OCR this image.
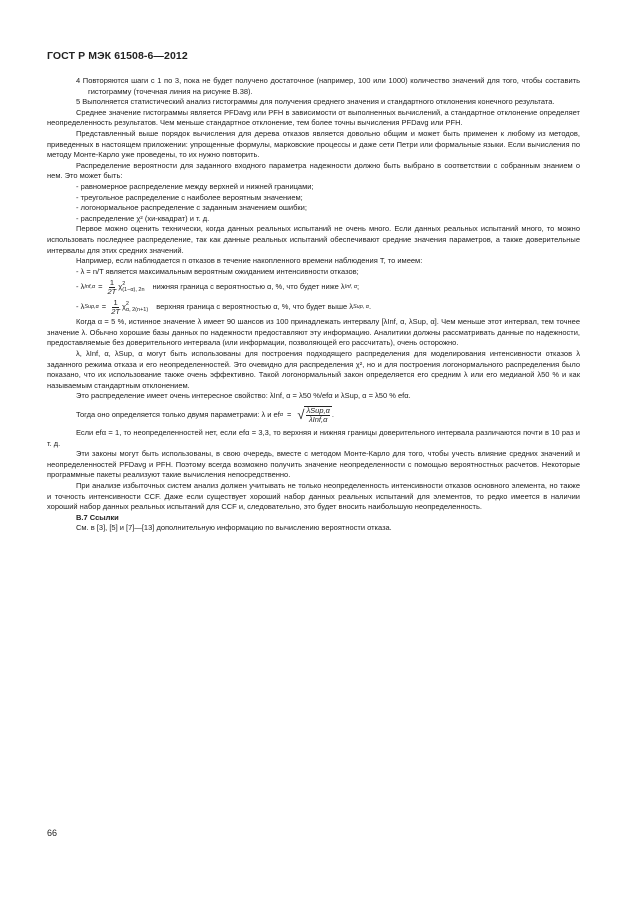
ГОСТ Р МЭК 61508-6—2012

4 Повторяются шаги с 1 по 3, пока не будет получено достаточное (например, 100 или 1000) количество значений для того, чтобы составить гистограмму (точечная линия на рисунке В.38).

5 Выполняется статистический анализ гистограммы для получения среднего значения и стандартного отклонения конечного результата.

Среднее значение гистограммы является PFDavg или PFH в зависимости от выполненных вычислений, а стандартное отклонение определяет неопределенность результатов. Чем меньше стандартное отклонение, тем более точны вычисления PFDavg или PFH.

Представленный выше порядок вычисления для дерева отказов является довольно общим и может быть применен к любому из методов, приведенных в настоящем приложении: упрощенные формулы, марковские процессы и даже сети Петри или формальные языки. Если вычисления по методу Монте-Карло уже проведены, то их нужно повторить.

Распределение вероятности для заданного входного параметра надежности должно быть выбрано в соответствии с собранным знанием о нем. Это может быть:

- равномерное распределение между верхней и нижней границами;

- треугольное распределение с наиболее вероятным значением;

- логонормальное распределение с заданным значением ошибки;

- распределение χ² (хи-квадрат) и т. д.

Первое можно оценить технически, когда данных реальных испытаний не очень много. Если данных реальных испытаний много, то можно использовать последнее распределение, так как данные реальных испытаний обеспечивают средние значения параметров, а также доверительные интервалы для этих средних значений.

Например, если наблюдается n отказов в течение накопленного времени наблюдения T, то имеем:

- λ = n/T является максимальным вероятным ожиданием интенсивности отказов;

- λ $Inf,\alpha = \frac{1}{2T}$ χ 2
(1−α), 2n нижняя граница с вероятностью α, %, что будет ниже λ Inf, α ;
- λ $Sup,\alpha = \frac{1}{2T}$ χ 2
α, 2(n+1) верхняя граница с вероятностью α, %, что будет выше λ Sup, α .

Когда α = 5 %, истинное значение λ имеет 90 шансов из 100 принадлежать интервалу [λInf, α, λSup, α]. Чем меньше этот интервал, тем точнее значение λ. Обычно хорошие базы данных по надежности предоставляют эту информацию. Аналитики должны рассматривать данные по надежности, предоставляемые без доверительного интервала (или информации, позволяющей его рассчитать), очень осторожно.

λ, λInf, α, λSup, α могут быть использованы для построения подходящего распределения для моделирования интенсивности отказов λ заданного режима отказа и его неопределенностей. Это очевидно для распределения χ², но и для построения логонормального распределения было показано, что их использование также очень эффективно. Такой логонормальный закон определяется его средним λ или его медианой λ50 % и как называемым стандартным отклонением.

Это распределение имеет очень интересное свойство: λInf, α = λ50 %/efα и λSup, α = λ50 % efα.

Тогда оно определяется только двумя параметрами: λ и ef α = √ $\frac{\text{λSup,α}}{\text{λInf,α}}$ .

Если efα = 1, то неопределенностей нет, если efα = 3,3, то верхняя и нижняя границы доверительного интервала различаются почти в 10 раз и т. д.

Эти законы могут быть использованы, в свою очередь, вместе с методом Монте-Карло для того, чтобы учесть влияние средних значений и неопределенностей PFDavg и PFH. Поэтому всегда возможно получить значение неопределенности с помощью вероятностных расчетов. Некоторые программные пакеты реализуют такие вычисления непосредственно.

При анализе избыточных систем анализ должен учитывать не только неопределенность интенсивности отказов основного элемента, но также и точность интенсивности CCF. Даже если существует хороший набор данных реальных испытаний для элементов, то редко имеется в наличии хороший набор данных реальных испытаний для CCF и, следовательно, это будет вносить наибольшую неопределенность.

В.7 Ссылки

См. в [3], [5] и [7]—[13] дополнительную информацию по вычислению вероятности отказа.

66
